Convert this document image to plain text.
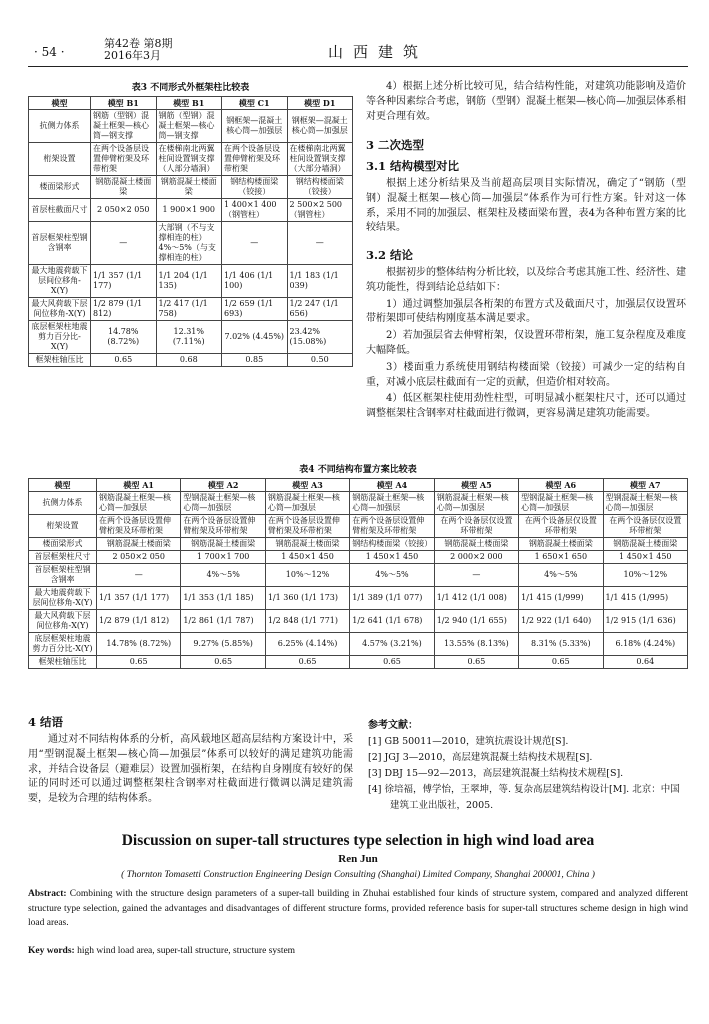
· 54 ·
第42卷 第8期
2016年3月	山西建筑
表3 不同形式外框架柱比较表
模型	模型 B1	模型 B1	模型 C1	模型 D1
抗侧力体系	钢筋（型钢）混凝土框架—核心筒—钢支撑	钢筋（型钢）混凝土框架—核心筒—钢支撑	钢框架—混凝土核心筒—加强层	钢框架—混凝土核心筒—加强层
桁架设置	在两个设备层设置伸臂桁架及环带桁架	在楼梯南北两翼柱间设置钢支撑（人部分墙洞）	在两个设备层设置伸臂桁架及环带桁架	在楼梯南北两翼柱间设置钢支撑（大部分墙洞）
楼面梁形式	钢筋混凝土楼面梁	钢筋混凝土楼面梁	钢结构楼面梁（铰接）	钢结构楼面梁（铰接）
首层柱截面尺寸	2 050×2 050	1 900×1 900	1 400×1 400（钢管柱）	2 500×2 500（钢管柱）
首层框架柱型钢含钢率	—	大部钢（不与支撑相连的柱）4%～5%（与支撑相连的柱）	—	—
最大地震荷载下层间位移角-X(Y)	1/1 357 (1/1 177)	1/1 204 (1/1 135)	1/1 406 (1/1 100)	1/1 183 (1/1 039)
最大风荷载下层间位移角-X(Y)	1/2 879 (1/1 812)	1/2 417 (1/1 758)	1/2 659 (1/1 693)	1/2 247 (1/1 656)
底层框架柱地震剪力百分比-X(Y)	14.78% (8.72%)	12.31% (7.11%)	7.02% (4.45%)	23.42% (15.08%)
框架柱轴压比	0.65	0.68	0.85	0.50

4）根据上述分析比较可见，结合结构性能，对建筑功能影响及造价等各种因素综合考虑，钢筋（型钢）混凝土框架—核心筒—加强层体系相对更合理有效。

3 二次选型
3.1 结构模型对比

根据上述分析结果及当前超高层项目实际情况，确定了“钢筋（型钢）混凝土框架—核心筒—加强层”体系作为可行性方案。针对这一体系，采用不同的加强层、框架柱及楼面梁布置，表4为各种布置方案的比较结果。

3.2 结论

根据初步的整体结构分析比较，以及综合考虑其施工性、经济性、建筑功能性，得到结论总结如下：

1）通过调整加强层各桁架的布置方式及截面尺寸，加强层仅设置环带桁架即可使结构刚度基本满足要求。

2）若加强层省去伸臂桁架，仅设置环带桁架，施工复杂程度及难度大幅降低。

3）楼面重力系统使用钢结构楼面梁（铰接）可减少一定的结构自重，对减小底层柱截面有一定的贡献，但造价相对较高。

4）低区框架柱使用劲性柱型，可明显减小框架柱尺寸，还可以通过调整框架柱含钢率对柱截面进行微调，更容易满足建筑功能需要。

表4 不同结构布置方案比较表
模型	模型 A1	模型 A2	模型 A3	模型 A4	模型 A5	模型 A6	模型 A7
抗侧力体系	钢筋混凝土框架—核心筒—加强层	型钢混凝土框架—核心筒—加强层	钢筋混凝土框架—核心筒—加强层	钢筋混凝土框架—核心筒—加强层	钢筋混凝土框架—核心筒—加强层	型钢混凝土框架—核心筒—加强层	型钢混凝土框架—核心筒—加强层
桁架设置	在两个设备层设置伸臂桁架及环带桁架	在两个设备层设置伸臂桁架及环带桁架	在两个设备层设置伸臂桁架及环带桁架	在两个设备层设置伸臂桁架及环带桁架	在两个设备层仅设置环带桁架	在两个设备层仅设置环带桁架	在两个设备层仅设置环带桁架
楼面梁形式	钢筋混凝土楼面梁	钢筋混凝土楼面梁	钢筋混凝土楼面梁	钢结构楼面梁（铰接）	钢筋混凝土楼面梁	钢筋混凝土楼面梁	钢筋混凝土楼面梁
首层框架柱尺寸	2 050×2 050	1 700×1 700	1 450×1 450	1 450×1 450	2 000×2 000	1 650×1 650	1 450×1 450
首层框架柱型钢含钢率	—	4%～5%	10%～12%	4%～5%	—	4%～5%	10%～12%
最大地震荷载下层间位移角-X(Y)	1/1 357 (1/1 177)	1/1 353 (1/1 185)	1/1 360 (1/1 173)	1/1 389 (1/1 077)	1/1 412 (1/1 008)	1/1 415 (1/999)	1/1 415 (1/995)
最大风荷载下层间位移角-X(Y)	1/2 879 (1/1 812)	1/2 861 (1/1 787)	1/2 848 (1/1 771)	1/2 641 (1/1 678)	1/2 940 (1/1 655)	1/2 922 (1/1 640)	1/2 915 (1/1 636)
底层框架柱地震剪力百分比-X(Y)	14.78% (8.72%)	9.27% (5.85%)	6.25% (4.14%)	4.57% (3.21%)	13.55% (8.13%)	8.31% (5.33%)	6.18% (4.24%)
框架柱轴压比	0.65	0.65	0.65	0.65	0.65	0.65	0.64
4 结语

通过对不同结构体系的分析，高风载地区超高层结构方案设计中，采用“型钢混凝土框架—核心筒—加强层”体系可以较好的满足建筑功能需求，并结合设备层（避难层）设置加强桁架，在结构自身刚度有较好的保证的同时还可以通过调整框架柱含钢率对柱截面进行微调以满足建筑需要，是较为合理的结构体系。

参考文献：
[1] GB 50011—2010，建筑抗震设计规范[S].
[2] JGJ 3—2010，高层建筑混凝土结构技术规程[S].
[3] DBJ 15—92—2013，高层建筑混凝土结构技术规程[S].
[4] 徐培福，傅学怡，王翠坤，等. 复杂高层建筑结构设计[M]. 北京：中国建筑工业出版社，2005.
Discussion on super-tall structures type selection in high wind load area
Ren Jun
( Thornton Tomasetti Construction Engineering Design Consulting (Shanghai) Limited Company, Shanghai 200001, China )
Abstract: Combining with the structure design parameters of a super-tall building in Zhuhai established four kinds of structure system, compared and analyzed different structure type selection, gained the advantages and disadvantages of different structure forms, provided reference basis for super-tall structures scheme design in high wind load areas.
Key words: high wind load area, super-tall structure, structure system
